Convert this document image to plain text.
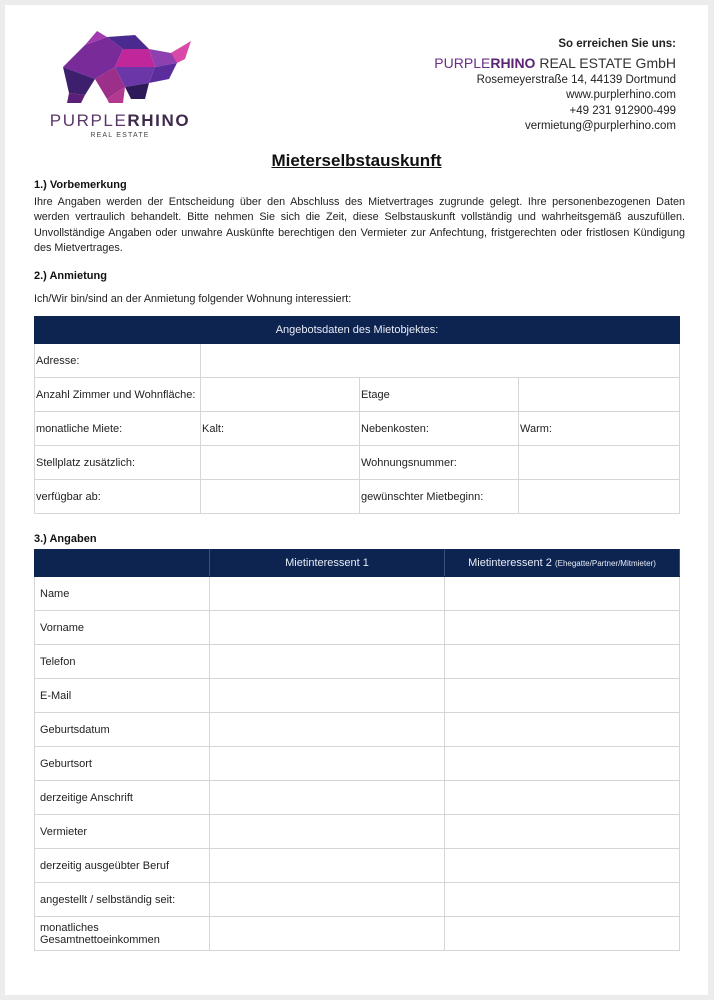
PURPLERHINO
REAL ESTATE
So erreichen Sie uns:
PURPLERHINO REAL ESTATE GmbH
Rosemeyerstraße 14, 44139 Dortmund
www.purplerhino.com
+49 231 912900-499
vermietung@purplerhino.com
Mieterselbstauskunft
1.) Vorbemerkung
Ihre Angaben werden der Entscheidung über den Abschluss des Mietvertrages zugrunde gelegt. Ihre personenbezogenen Daten werden vertraulich behandelt. Bitte nehmen Sie sich die Zeit, diese Selbstauskunft vollständig und wahrheitsgemäß auszufüllen. Unvollständige Angaben oder unwahre Auskünfte berechtigen den Vermieter zur Anfechtung, fristgerechten oder fristlosen Kündigung des Mietvertrages.
2.) Anmietung
Ich/Wir bin/sind an der Anmietung folgender Wohnung interessiert:
Angebotsdaten des Mietobjektes:			
Adresse:			
Anzahl Zimmer und Wohnfläche:		Etage	
monatliche Miete:	Kalt:	Nebenkosten:	Warm:
Stellplatz zusätzlich:		Wohnungsnummer:	
verfügbar ab:		gewünschter Mietbeginn:	
3.) Angaben
	Mietinteressent 1	Mietinteressent 2 (Ehegatte/Partner/Mitmieter)
Name		
Vorname		
Telefon		
E-Mail		
Geburtsdatum		
Geburtsort		
derzeitige Anschrift		
Vermieter		
derzeitig ausgeübter Beruf		
angestellt / selbständig seit:		
monatliches Gesamtnettoeinkommen		
